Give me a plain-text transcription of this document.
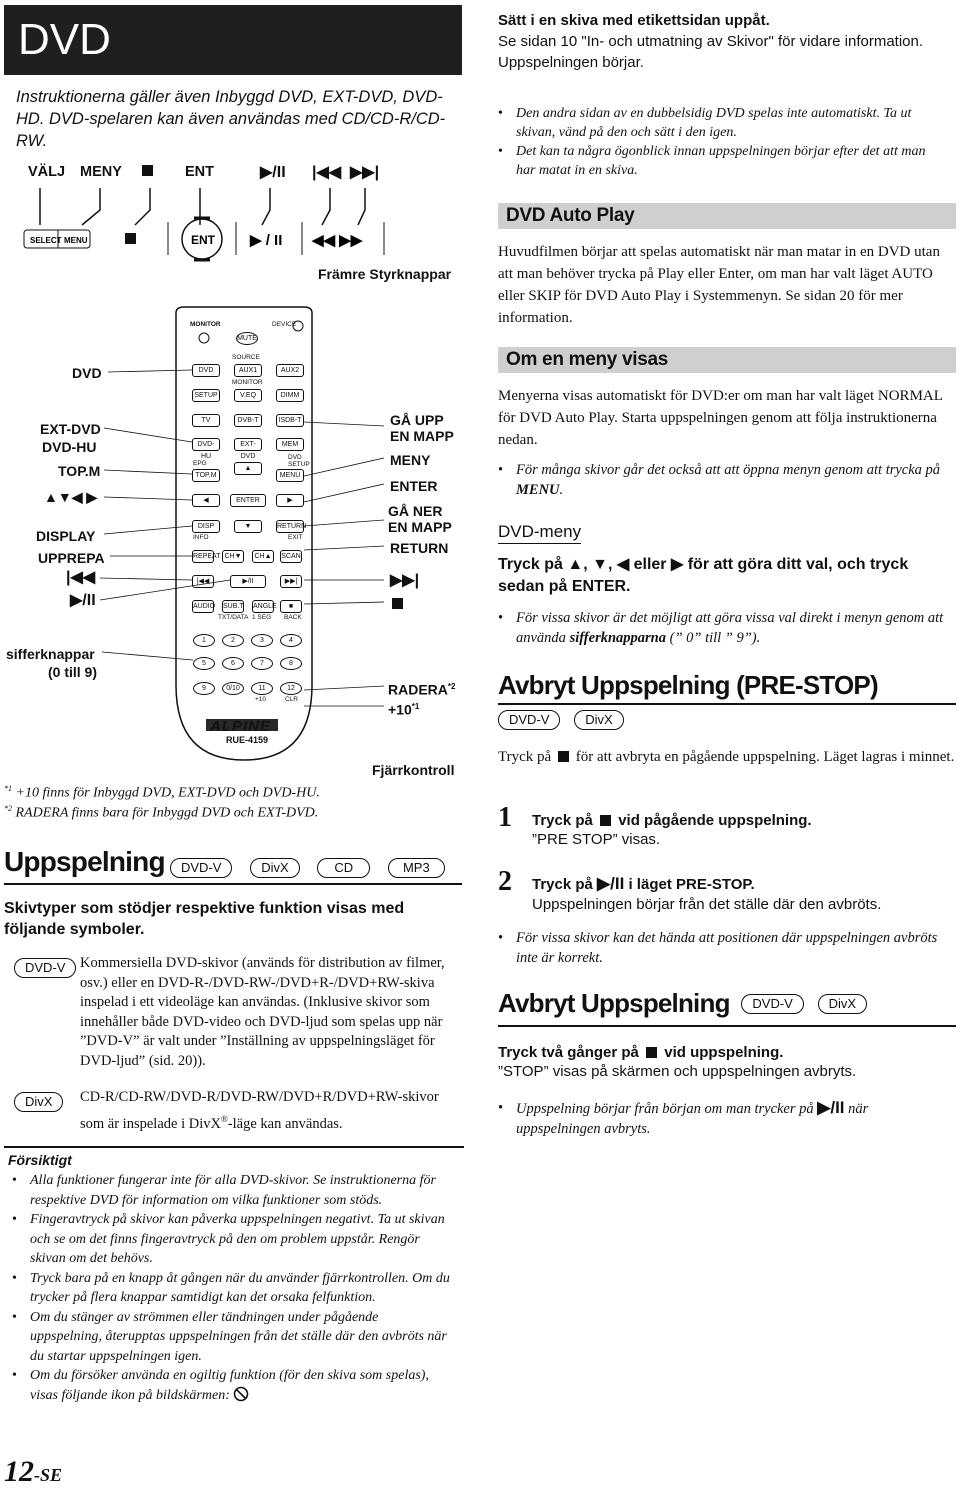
DVD
Instruktionerna gäller även Inbyggd DVD, EXT-DVD, DVD-HD. DVD-spelaren kan även användas med CD/CD-R/CD-RW.
VÄLJ MENY	ENT	▶/II |◀◀ ▶▶|
SELECT MENU	ENT ▶ / II ◀◀ ▶▶
Främre Styrknappar
MONITOR	DEVICE
MUTE
SOURCE
DVD	AUX1	AUX2
MONITOR
SETUP	V.EQ	DIMM
TV	DVB-T	ISDB-T
DVD-HU
EXT-DVD
MEM
EPG
TOP.M
▲
DVD SETUP
MENU
◀	ENTER	▶
DISP	▼	RETURN
INFO	EXIT
REPEAT CH▼	CH▲	SCAN
|◀◀	▶/II	▶▶|
AUDIO SUB.T ANGLE	■
TXT/DATA 1 SEG BACK
1	2	3	4
5	6	7	8
9	0/10	11	12
+10	CLR
ALPINE
RUE-4159
DVD
EXT-DVD
DVD-HU
TOP.M
▲▼◀ ▶
DISPLAY
UPPREPA
|◀◀
▶/II
sifferknappar
(0 till 9)
GÅ UPP
EN MAPP
MENY
ENTER
GÅ NER
EN MAPP
RETURN
▶▶|
$RADERA^{*2}$
$+10^{*1}$
Fjärrkontroll
$^{*1}$ +10 finns för Inbyggd DVD, EXT-DVD och DVD-HU.
$^{*2}$ RADERA finns bara för Inbyggd DVD och EXT-DVD.
Uppspelning	DVD-V	DivX	CD	MP3
Skivtyper som stödjer respektive funktion visas med följande symboler.
DVD-V	Kommersiella DVD-skivor (används för distribution av filmer, osv.) eller en DVD-R-/DVD-RW-/DVD+R-/DVD+RW-skiva inspelad i ett videoläge kan användas. (Inklusive skivor som innehåller både DVD-video och DVD-ljud som spelas upp när ”DVD-V” är valt under ”Inställning av uppspelningsläget för DVD-ljud” (sid. 20)).
DivX	CD-R/CD-RW/DVD-R/DVD-RW/DVD+R/DVD+RW-skivor som är inspelade i DivX®-läge kan användas.
Försiktigt
• Alla funktioner fungerar inte för alla DVD-skivor. Se instruktionerna för respektive DVD för information om vilka funktioner som stöds.
• Fingeravtryck på skivor kan påverka uppspelningen negativt. Ta ut skivan och se om det finns fingeravtryck på den om problem uppstår. Rengör skivan om det behövs.
• Tryck bara på en knapp åt gången när du använder fjärrkontrollen. Om du trycker på flera knappar samtidigt kan det orsaka felfunktion.
• Om du stänger av strömmen eller tändningen under pågående uppspelning, återupptas uppspelningen från det ställe där den avbröts när du startar uppspelningen igen.
• Om du försöker använda en ogiltig funktion (för den skiva som spelas), visas följande ikon på bildskärmen:
12-SE
Sätt i en skiva med etikettsidan uppåt.
Se sidan 10 "In- och utmatning av Skivor" för vidare information.
Uppspelningen börjar.
• Den andra sidan av en dubbelsidig DVD spelas inte automatiskt. Ta ut skivan, vänd på den och sätt i den igen.
• Det kan ta några ögonblick innan uppspelningen börjar efter det att man har matat in en skiva.
DVD Auto Play
Huvudfilmen börjar att spelas automatiskt när man matar in en DVD utan att man behöver trycka på Play eller Enter, om man har valt läget AUTO eller SKIP för DVD Auto Play i Systemmenyn. Se sidan 20 för mer information.
Om en meny visas
Menyerna visas automatiskt för DVD:er om man har valt läget NORMAL för DVD Auto Play. Starta uppspelningen genom att följa instruktionerna nedan.
• För många skivor går det också att att öppna menyn genom att trycka på MENU.
DVD-meny
Tryck på ▲, ▼, ◀ eller ▶ för att göra ditt val, och tryck sedan på ENTER.
• För vissa skivor är det möjligt att göra vissa val direkt i menyn genom att använda sifferknapparna (” 0” till ” 9”).
Avbryt Uppspelning (PRE-STOP)
DVD-V	DivX
Tryck på  för att avbryta en pågående uppspelning. Läget lagras i minnet.
1 Tryck på  vid pågående uppspelning.
”PRE STOP” visas.
2 Tryck på ▶/II i läget PRE-STOP.
Uppspelningen börjar från det ställe där den avbröts.
• För vissa skivor kan det hända att positionen där uppspelningen avbröts inte är korrekt.
Avbryt Uppspelning DVD-V	DivX
Tryck två gånger på  vid uppspelning.
”STOP” visas på skärmen och uppspelningen avbryts.
• Uppspelning börjar från början om man trycker på ▶/II när uppspelningen avbryts.
